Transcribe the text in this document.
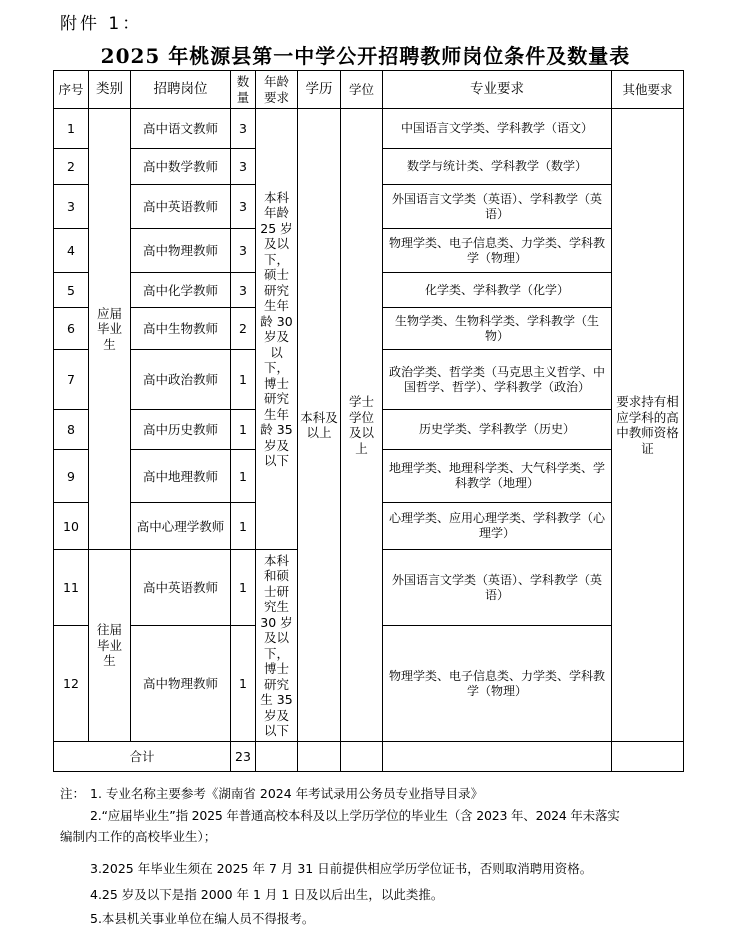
附件 1：
2025 年桃源县第一中学公开招聘教师岗位条件及数量表
序号	类别	招聘岗位	数量	年龄要求	学历	学位	专业要求	其他要求
1	应届毕业生	高中语文教师	3	本科年龄 25 岁及以下，硕士研究生年龄 30 岁及以下，博士研究生年龄 35 岁及以下	本科及以上	学士学位及以上	中国语言文学类、学科教学（语文）	要求持有相应学科的高中教师资格证
2		高中数学教师	3				数学与统计类、学科教学（数学）	
3		高中英语教师	3				外国语言文学类（英语）、学科教学（英语）	
4		高中物理教师	3				物理学类、电子信息类、力学类、学科教学（物理）	
5		高中化学教师	3				化学类、学科教学（化学）	
6		高中生物教师	2				生物学类、生物科学类、学科教学（生物）	
7		高中政治教师	1				政治学类、哲学类（马克思主义哲学、中国哲学、哲学）、学科教学（政治）	
8		高中历史教师	1				历史学类、学科教学（历史）	
9		高中地理教师	1				地理学类、地理科学类、大气科学类、学科教学（地理）	
10		高中心理学教师	1				心理学类、应用心理学类、学科教学（心理学）	
11	往届毕业生	高中英语教师	1	本科和硕士研究生 30 岁及以下，博士研究生 35 岁及以下			外国语言文学类（英语）、学科教学（英语）	
12		高中物理教师	1				物理学类、电子信息类、力学类、学科教学（物理）	
合计			23					
注： 1. 专业名称主要参考《湖南省 2024 年考试录用公务员专业指导目录》
2.“应届毕业生”指 2025 年普通高校本科及以上学历学位的毕业生（含 2023 年、2024 年未落实
编制内工作的高校毕业生）；
3.2025 年毕业生须在 2025 年 7 月 31 日前提供相应学历学位证书，否则取消聘用资格。
4.25 岁及以下是指 2000 年 1 月 1 日及以后出生，以此类推。
5.本县机关事业单位在编人员不得报考。
